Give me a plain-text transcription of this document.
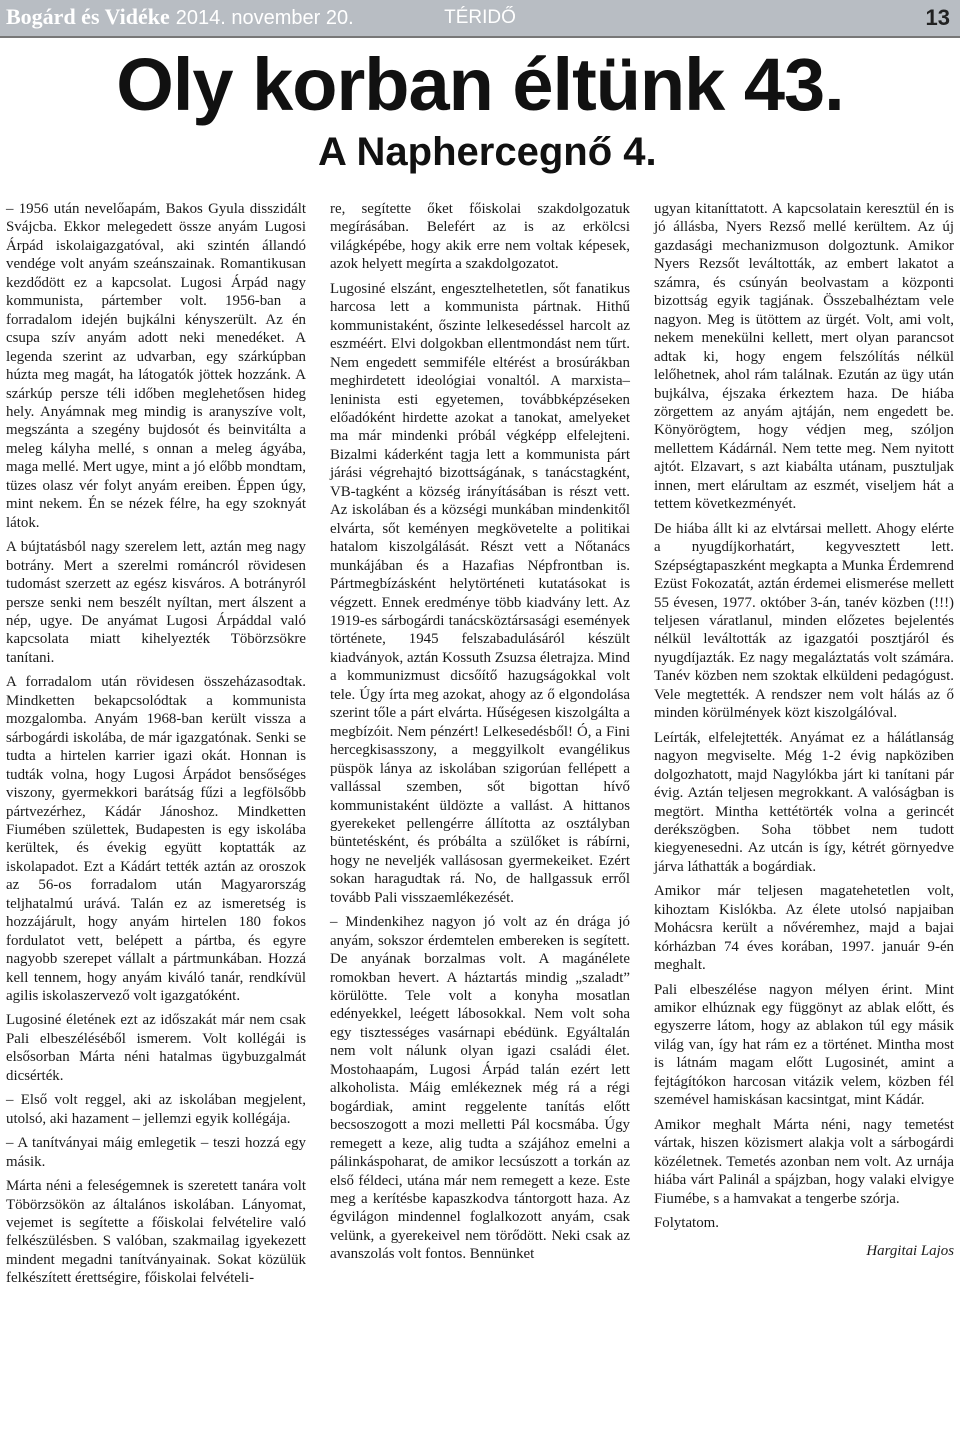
Bogárd és Vidéke 2014. november 20.	TÉRIDŐ	13
Oly korban éltünk 43.
A Naphercegnő 4.

– 1956 után nevelőapám, Bakos Gyula disszidált Svájcba. Ekkor melegedett össze anyám Lugosi Árpád iskolaigazgatóval, aki szintén állandó vendége volt anyám szeánszainak. Romantikusan kezdődött ez a kapcsolat. Lugosi Árpád nagy kommunista, pártember volt. 1956-ban a forradalom idején bujkálni kényszerült. Az én csupa szív anyám adott neki menedéket. A legenda szerint az udvarban, egy szárkúpban húzta meg magát, ha látogatók jöttek hozzánk. A szárkúp persze téli időben meglehetősen hideg hely. Anyámnak meg mindig is aranyszíve volt, megszánta a szegény bujdosót és beinvitálta a meleg kályha mellé, s onnan a meleg ágyába, maga mellé. Mert ugye, mint a jó előbb mondtam, tüzes olasz vér folyt anyám ereiben. Éppen úgy, mint nekem. Én se nézek félre, ha egy szoknyát látok.

A bújtatásból nagy szerelem lett, aztán meg nagy botrány. Mert a szerelmi románcról rövidesen tudomást szerzett az egész kisváros. A botrányról persze senki nem beszélt nyíltan, mert álszent a nép, ugye. De anyámat Lugosi Árpáddal való kapcsolata miatt kihelyezték Töbörzsökre tanítani.

A forradalom után rövidesen összeházasodtak. Mindketten bekapcsolódtak a kommunista mozgalomba. Anyám 1968-ban került vissza a sárbogárdi iskolába, de már igazgatónak. Senki se tudta a hirtelen karrier igazi okát. Honnan is tudták volna, hogy Lugosi Árpádot bensőséges viszony, gyermekkori barátság fűzi a legfölsőbb pártvezérhez, Kádár Jánoshoz. Mindketten Fiumében születtek, Budapesten is egy iskolába kerültek, és évekig együtt koptatták az iskolapadot. Ezt a Kádárt tették aztán az oroszok az 56-os forradalom után Magyarország teljhatalmú urává. Talán ez az ismeretség is hozzájárult, hogy anyám hirtelen 180 fokos fordulatot vett, belépett a pártba, és egyre nagyobb szerepet vállalt a pártmunkában. Hozzá kell tennem, hogy anyám kiváló tanár, rendkívül agilis iskolaszervező volt igazgatóként.

Lugosiné életének ezt az időszakát már nem csak Pali elbeszéléséből ismerem. Volt kollégái is elsősorban Márta néni hatalmas ügybuzgalmát dicsérték.

– Első volt reggel, aki az iskolában megjelent, utolsó, aki hazament – jellemzi egyik kollégája.

– A tanítványai máig emlegetik – teszi hozzá egy másik.

Márta néni a feleségemnek is szeretett tanára volt Töbörzsökön az általános iskolában. Lányomat, vejemet is segítette a főiskolai felvételire való felkészülésben. S valóban, szakmailag igyekezett mindent megadni tanítványainak. Sokat közülük felkészített érettségire, főiskolai felvételi-

re, segítette őket főiskolai szakdolgozatuk megírásában. Belefért az is az erkölcsi világképébe, hogy akik erre nem voltak képesek, azok helyett megírta a szakdolgozatot.

Lugosiné elszánt, engesztelhetetlen, sőt fanatikus harcosa lett a kommunista pártnak. Hithű kommunistaként, őszinte lelkesedéssel harcolt az eszméért. Elvi dolgokban ellentmondást nem tűrt. Nem engedett semmiféle eltérést a brosúrákban meghirdetett ideológiai vonaltól. A marxista–leninista esti egyetemen, továbbképzéseken előadóként hirdette azokat a tanokat, amelyeket ma már mindenki próbál végképp elfelejteni. Bizalmi káderként tagja lett a kommunista párt járási végrehajtó bizottságának, s tanácstagként, VB-tagként a község irányításában is részt vett. Az iskolában és a községi munkában mindenkitől elvárta, sőt keményen megkövetelte a politikai hatalom kiszolgálását. Részt vett a Nőtanács munkájában és a Hazafias Népfrontban is. Pártmegbízásként helytörténeti kutatásokat is végzett. Ennek eredménye több kiadvány lett. Az 1919-es sárbogárdi tanácsköztársasági események története, 1945 felszabadulásáról készült kiadványok, aztán Kossuth Zsuzsa életrajza. Mind a kommunizmust dicsőítő hazugságokkal volt tele. Úgy írta meg azokat, ahogy az ő elgondolása szerint tőle a párt elvárta. Hűségesen kiszolgálta a megbízóit. Nem pénzért! Lelkesedésből! Ó, a Fini hercegkisasszony, a meggyilkolt evangélikus püspök lánya az iskolában szigorúan fellépett a vallással szemben, sőt bigottan hívő kommunistaként üldözte a vallást. A hittanos gyerekeket pellengérre állította az osztályban büntetésként, és próbálta a szülőket is rábírni, hogy ne neveljék vallásosan gyermekeiket. Ezért sokan haragudtak rá. No, de hallgassuk erről tovább Pali visszaemlékezését.

– Mindenkihez nagyon jó volt az én drága jó anyám, sokszor érdemtelen embereken is segített. De anyának borzalmas volt. A magánélete romokban hevert. A háztartás mindig „szaladt” körülötte. Tele volt a konyha mosatlan edényekkel, leégett lábosokkal. Nem volt soha egy tisztességes vasárnapi ebédünk. Egyáltalán nem volt nálunk olyan igazi családi élet. Mostohaapám, Lugosi Árpád talán ezért lett alkoholista. Máig emlékeznek még rá a régi bogárdiak, amint reggelente tanítás előtt becsoszogott a mozi melletti Pál kocsmába. Úgy remegett a keze, alig tudta a szájához emelni a pálinkáspoharat, de amikor lecsúszott a torkán az első féldeci, utána már nem remegett a keze. Este meg a kerítésbe kapaszkodva tántorgott haza. Az égvilágon mindennel foglalkozott anyám, csak velünk, a gyerekeivel nem törődött. Neki csak az avanszolás volt fontos. Bennünket

ugyan kitaníttatott. A kapcsolatain keresztül én is jó állásba, Nyers Rezső mellé kerültem. Az új gazdasági mechanizmuson dolgoztunk. Amikor Nyers Rezsőt leváltották, az embert lakatot a számra, és csúnyán beolvastam a központi bizottság egyik tagjának. Összebalhéztam vele nagyon. Meg is ütöttem az ürgét. Volt, ami volt, nekem menekülni kellett, mert olyan parancsot adtak ki, hogy engem felszólítás nélkül lelőhetnek, ahol rám találnak. Ezután az ügy után bujkálva, éjszaka érkeztem haza. De hiába zörgettem az anyám ajtáján, nem engedett be. Könyörögtem, hogy védjen meg, szóljon mellettem Kádárnál. Nem tette meg. Nem nyitott ajtót. Elzavart, s azt kiabálta utánam, pusztuljak innen, mert elárultam az eszmét, viseljem hát a tettem következményét.

De hiába állt ki az elvtársai mellett. Ahogy elérte a nyugdíjkorhatárt, kegyvesztett lett. Szépségtapaszként megkapta a Munka Érdemrend Ezüst Fokozatát, aztán érdemei elismerése mellett 55 évesen, 1977. október 3-án, tanév közben (!!!) teljesen váratlanul, minden előzetes bejelentés nélkül leváltották az igazgatói posztjáról és nyugdíjazták. Ez nagy megaláztatás volt számára. Tanév közben nem szoktak elküldeni pedagógust. Vele megtették. A rendszer nem volt hálás az ő minden körülmények közt kiszolgálóval.

Leírták, elfelejtették. Anyámat ez a hálátlanság nagyon megviselte. Még 1-2 évig napköziben dolgozhatott, majd Nagylókba járt ki tanítani pár évig. Aztán teljesen megrokkant. A valóságban is megtört. Mintha kettétörték volna a gerincét derékszögben. Soha többet nem tudott kiegyenesedni. Az utcán is így, kétrét görnyedve járva láthatták a bogárdiak.

Amikor már teljesen magatehetetlen volt, kihoztam Kislókba. Az élete utolsó napjaiban Mohácsra került a nővéremhez, majd a bajai kórházban 74 éves korában, 1997. január 9-én meghalt.

Pali elbeszélése nagyon mélyen érint. Mint amikor elhúznak egy függönyt az ablak előtt, és egyszerre látom, hogy az ablakon túl egy másik világ van, így hat rám ez a történet. Mintha most is látnám magam előtt Lugosinét, amint a fejtágítókon harcosan vitázik velem, közben fél szemével hamiskásan kacsintgat, mint Kádár.

Amikor meghalt Márta néni, nagy temetést vártak, hiszen közismert alakja volt a sárbogárdi közéletnek. Temetés azonban nem volt. Az urnája hiába várt Palinál a spájzban, hogy valaki elvigye Fiumébe, s a hamvakat a tengerbe szórja.

Folytatom.

Hargitai Lajos
